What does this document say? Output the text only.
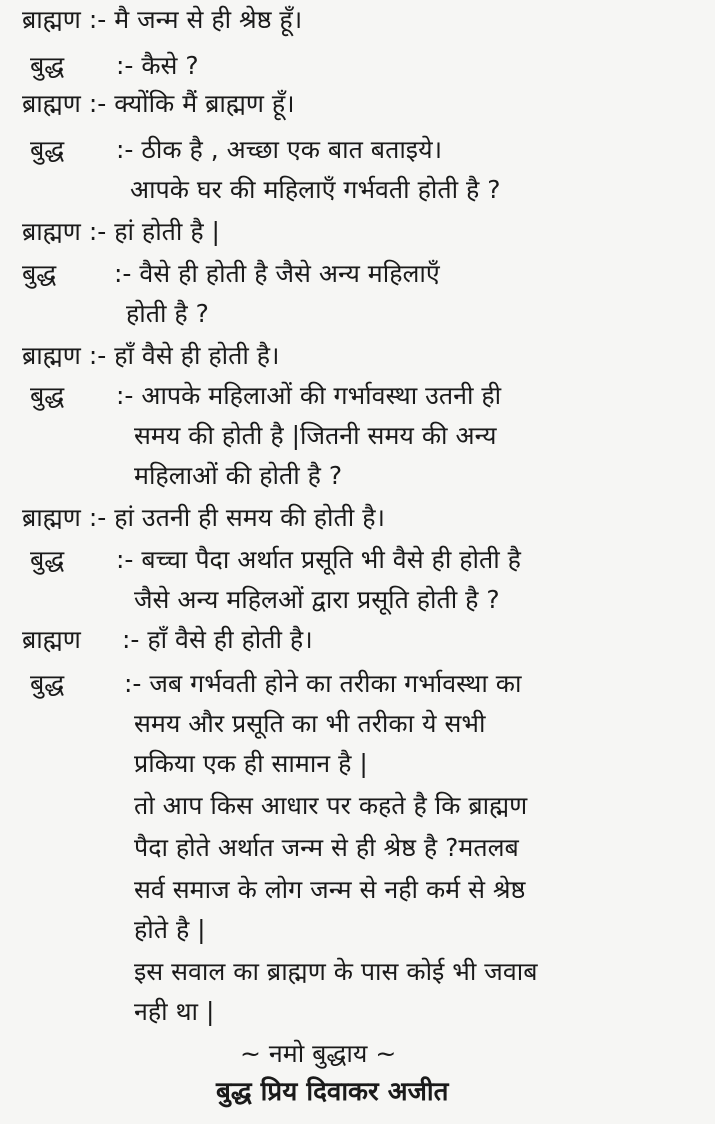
ब्राह्मण :- मै जन्म से ही श्रेष्ठ हूँ।
बुद्ध :- कैसे ?
ब्राह्मण :- क्योंकि मैं ब्राह्मण हूँ।
बुद्ध :- ठीक है , अच्छा एक बात बताइये।
आपके घर की महिलाएँ गर्भवती होती है ?
ब्राह्मण :- हां होती है |
बुद्ध :- वैसे ही होती है जैसे अन्य महिलाएँ
होती है ?
ब्राह्मण :- हाँ वैसे ही होती है।
बुद्ध :- आपके महिलाओं की गर्भावस्था उतनी ही
समय की होती है |जितनी समय की अन्य
महिलाओं की होती है ?
ब्राह्मण :- हां उतनी ही समय की होती है।
बुद्ध :- बच्चा पैदा अर्थात प्रसूति भी वैसे ही होती है
जैसे अन्य महिलओं द्वारा प्रसूति होती है ?
ब्राह्मण :- हाँ वैसे ही होती है।
बुद्ध :- जब गर्भवती होने का तरीका गर्भावस्था का
समय और प्रसूति का भी तरीका ये सभी
प्रकिया एक ही सामान है |
तो आप किस आधार पर कहते है कि ब्राह्मण
पैदा होते अर्थात जन्म से ही श्रेष्ठ है ?मतलब
सर्व समाज के लोग जन्म से नही कर्म से श्रेष्ठ
होते है |
इस सवाल का ब्राह्मण के पास कोई भी जवाब
नही था |
~ नमो बुद्धाय ~
बुद्ध प्रिय दिवाकर अजीत
